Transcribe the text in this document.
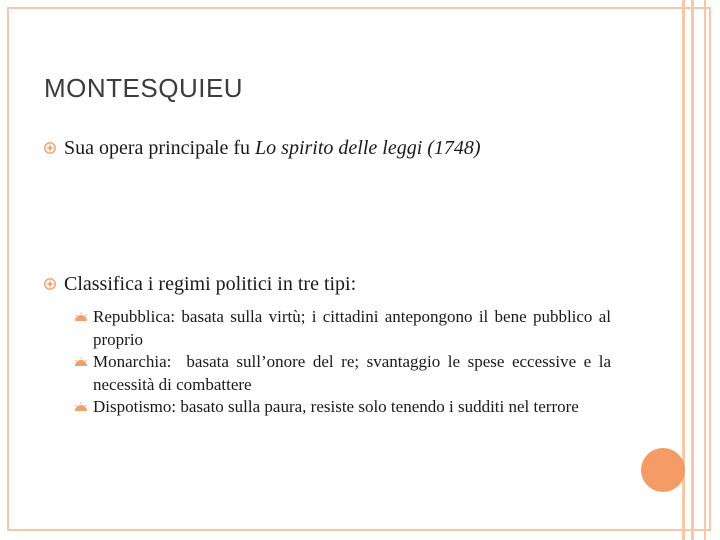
MONTESQUIEU
Sua opera principale fu Lo spirito delle leggi (1748)
Classifica i regimi politici in tre tipi:
Repubblica: basata sulla virtù; i cittadini antepongono il bene pubblico al proprio
Monarchia:  basata sull’onore del re; svantaggio le spese eccessive e la necessità di combattere
Dispotismo: basato sulla paura, resiste solo tenendo i sudditi nel terrore
